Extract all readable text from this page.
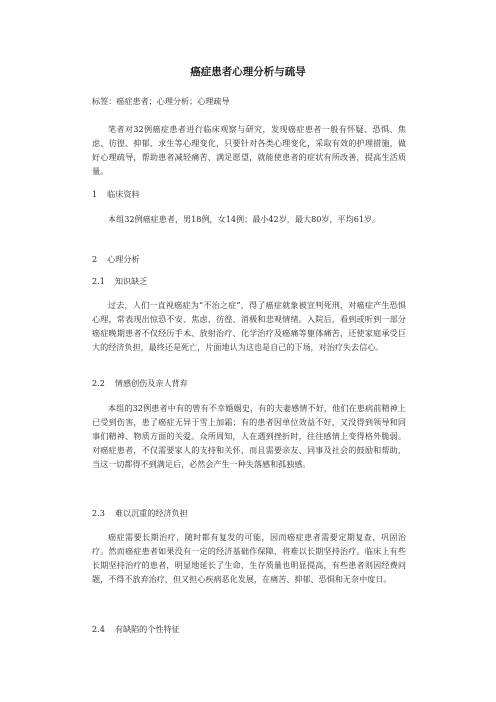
癌症患者心理分析与疏导
标签：癌症患者；心理分析；心理疏导
笔者对32例癌症患者进行临床观察与研究，发现癌症患者一般有怀疑、恐惧、焦虑、彷徨、抑郁、求生等心理变化，只要针对各类心理变化，采取有效的护理措施，做好心理疏导，帮助患者减轻痛苦、满足愿望，就能使患者的症状有所改善，提高生活质量。
1 临床资料
本组32例癌症患者，男18例，女14例；最小42岁，最大80岁，平均61岁。
2 心理分析
2.1 知识缺乏
过去，人们一直视癌症为“不治之症”，得了癌症就象被宣判死刑，对癌症产生恐惧心理，常表现出惊恐不安、焦虑、彷徨、消极和悲观情绪。入院后，看到或听到一部分癌症晚期患者不仅经历手术、放射治疗、化学治疗及癌痛等躯体痛苦，还使家庭承受巨大的经济负担，最终还是死亡，片面地认为这也是自己的下场，对治疗失去信心。
2.2 情感创伤及亲人背弃
本组的32例患者中有的曾有不幸婚姻史，有的夫妻感情不好，他们在患病前精神上已受到伤害，患了癌症无异于雪上加霜；有的患者因单位效益不好，又没得到领导和同事们精神、物质方面的关爱。众所周知，人在遇到挫折时，往往感情上变得格外脆弱。对癌症患者，不仅需要家人的支持和关怀，而且需要亲友、同事及社会的鼓励和帮助，当这一切都得不到满足后，必然会产生一种失落感和孤独感。
2.3 难以沉重的经济负担
癌症需要长期治疗，随时都有复发的可能，因而癌症患者需要定期复查，巩固治疗。然而癌症患者如果没有一定的经济基础作保障，将难以长期坚持治疗。临床上有些长期坚持治疗的患者，明显地延长了生命，生存质量也明显提高，有些患者则因经费问题，不得不放弃治疗，但又担心疾病恶化发展，在痛苦、抑郁、恐惧和无奈中度日。
2.4 有缺陷的个性特征
